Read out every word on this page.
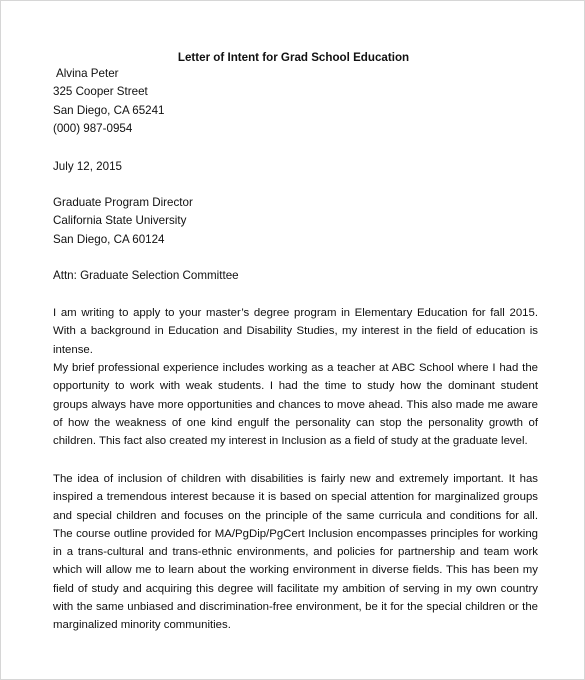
Letter of Intent for Grad School Education
Alvina Peter
325 Cooper Street
San Diego, CA 65241
(000) 987-0954
July 12, 2015
Graduate Program Director
California State University
San Diego, CA 60124
Attn: Graduate Selection Committee
I am writing to apply to your master’s degree program in Elementary Education for fall 2015. With a background in Education and Disability Studies, my interest in the field of education is intense.
My brief professional experience includes working as a teacher at ABC School where I had the opportunity to work with weak students. I had the time to study how the dominant student groups always have more opportunities and chances to move ahead. This also made me aware of how the weakness of one kind engulf the personality can stop the personality growth of children. This fact also created my interest in Inclusion as a field of study at the graduate level.
The idea of inclusion of children with disabilities is fairly new and extremely important. It has inspired a tremendous interest because it is based on special attention for marginalized groups and special children and focuses on the principle of the same curricula and conditions for all. The course outline provided for MA/PgDip/PgCert Inclusion encompasses principles for working in a trans-cultural and trans-ethnic environments, and policies for partnership and team work which will allow me to learn about the working environment in diverse fields. This has been my field of study and acquiring this degree will facilitate my ambition of serving in my own country with the same unbiased and discrimination-free environment, be it for the special children or the marginalized minority communities.
